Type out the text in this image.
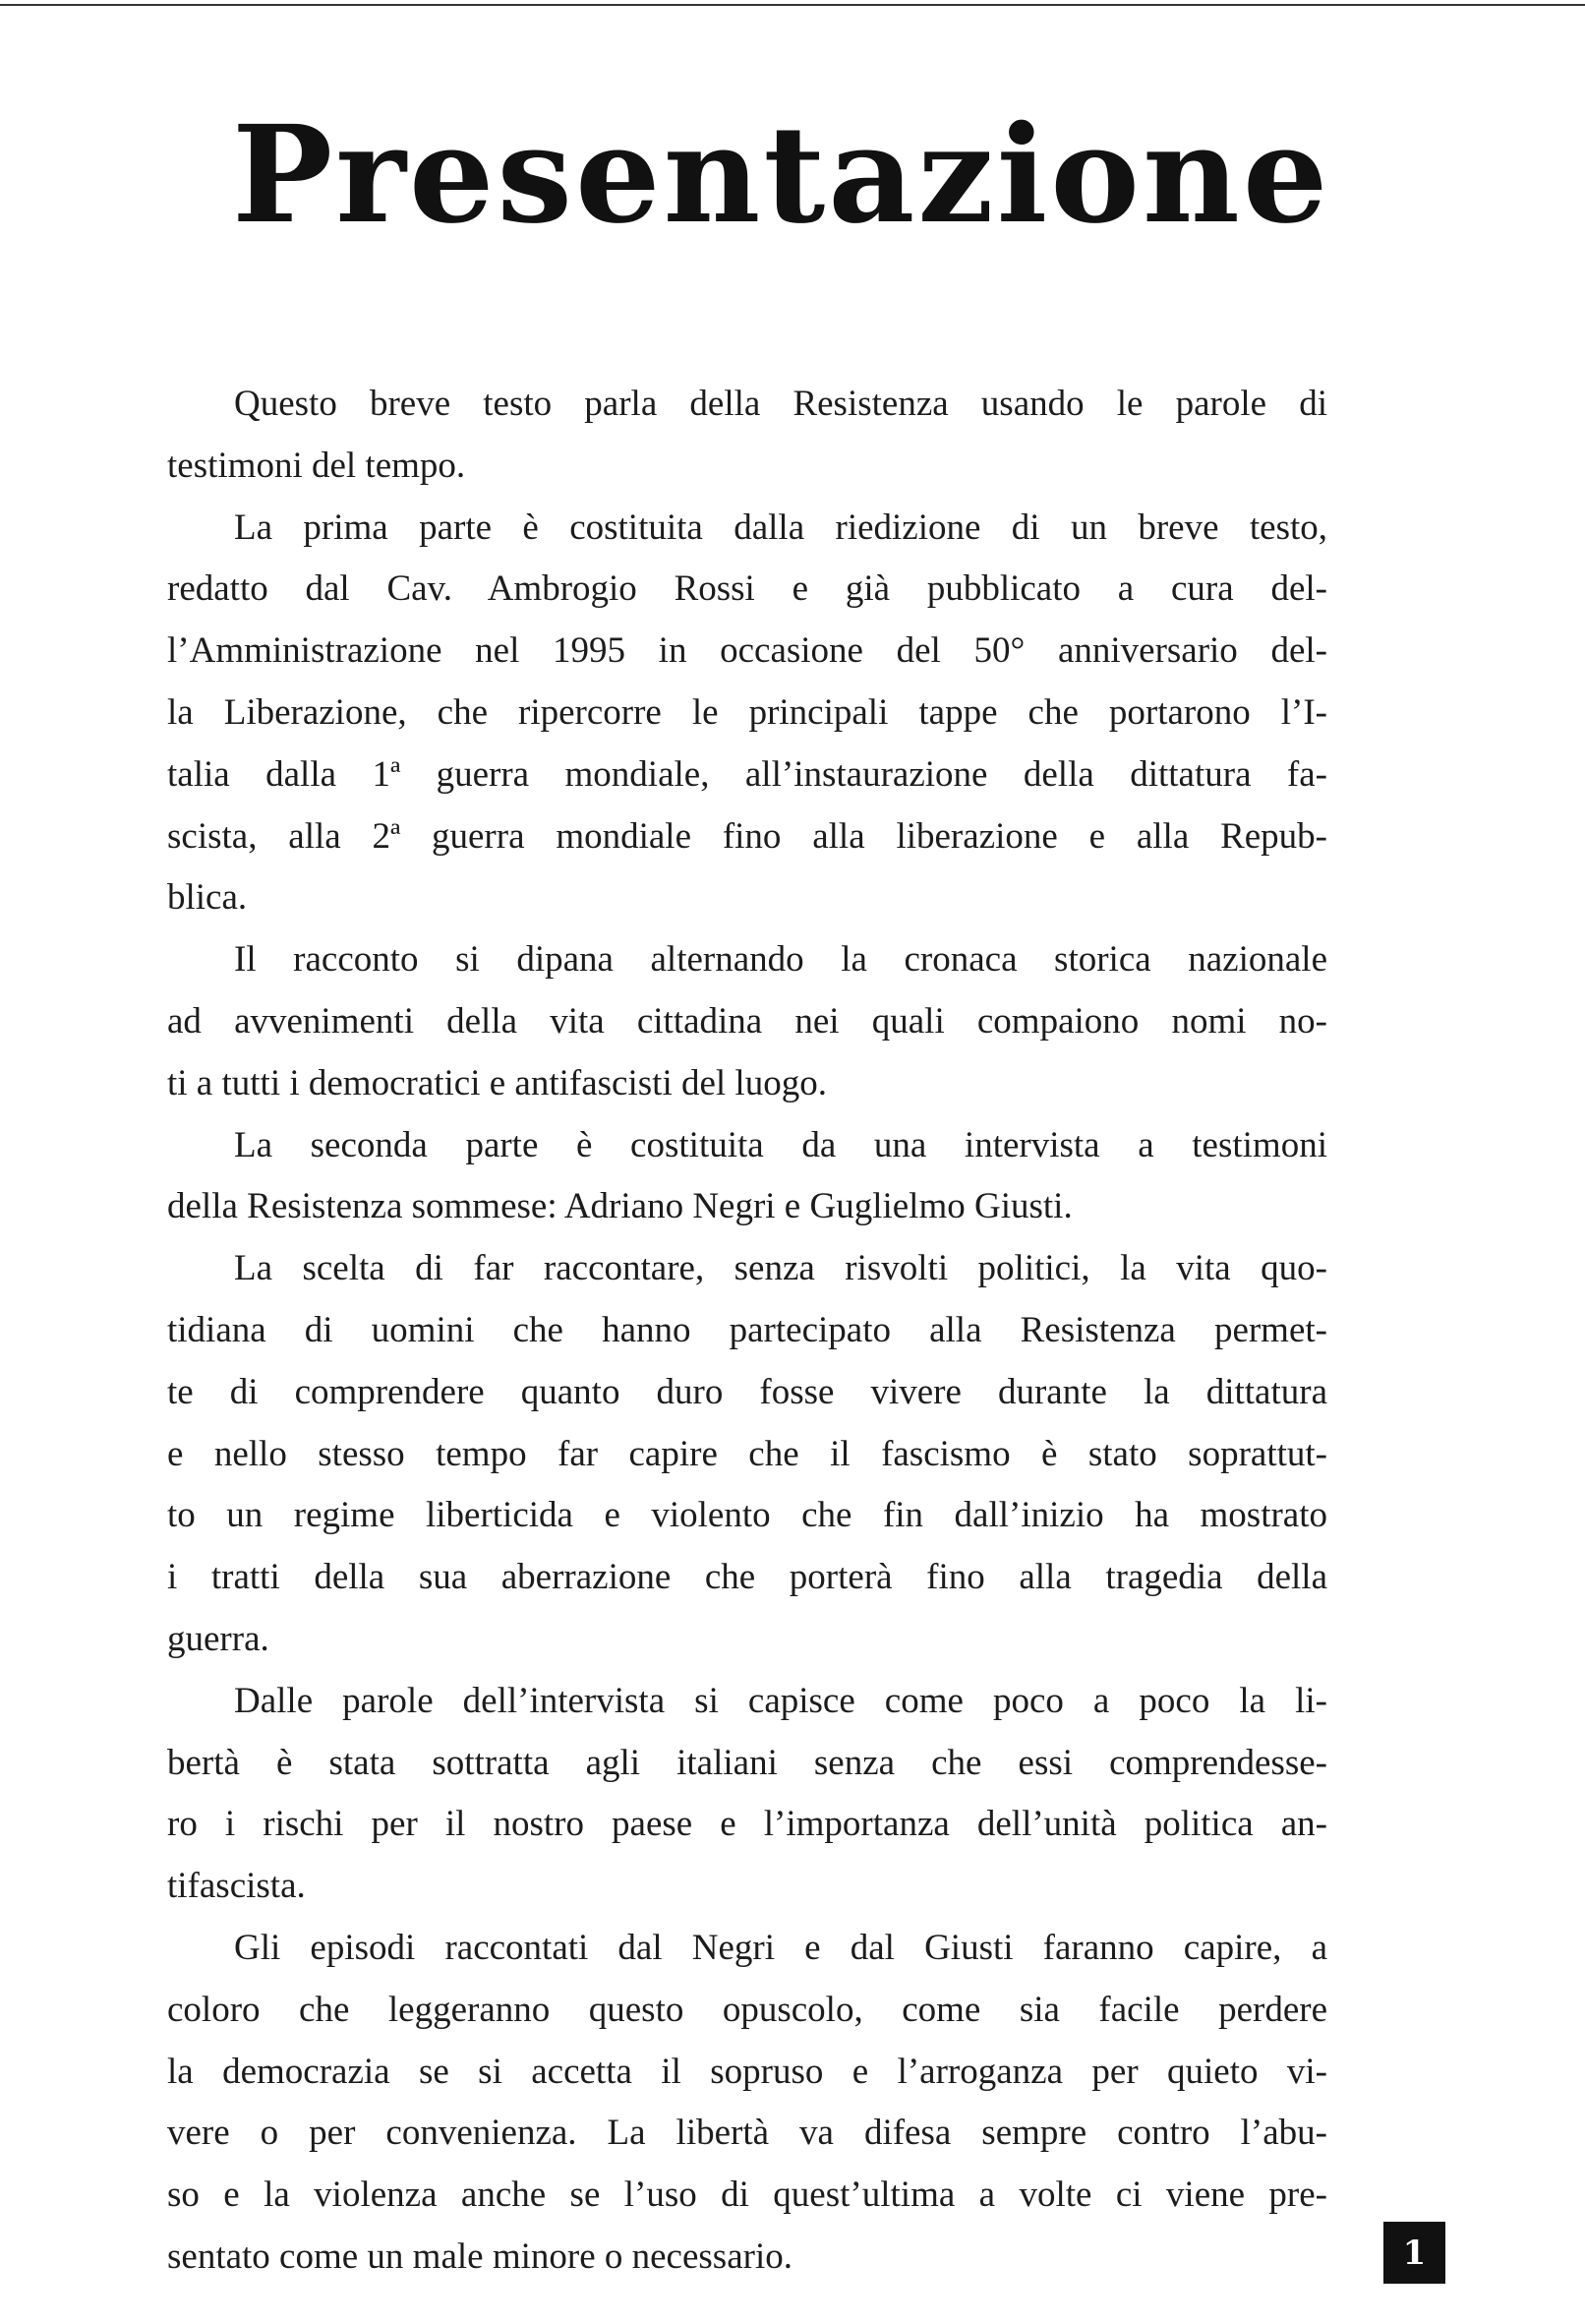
Presentazione
Questo breve testo parla della Resistenza usando le parole di
testimoni del tempo.
La prima parte è costituita dalla riedizione di un breve testo,
redatto dal Cav. Ambrogio Rossi e già pubblicato a cura del-
l’Amministrazione nel 1995 in occasione del 50° anniversario del-
la Liberazione, che ripercorre le principali tappe che portarono l’I-
talia dalla 1ª guerra mondiale, all’instaurazione della dittatura fa-
scista, alla 2ª guerra mondiale fino alla liberazione e alla Repub-
blica.
Il racconto si dipana alternando la cronaca storica nazionale
ad avvenimenti della vita cittadina nei quali compaiono nomi no-
ti a tutti i democratici e antifascisti del luogo.
La seconda parte è costituita da una intervista a testimoni
della Resistenza sommese: Adriano Negri e Guglielmo Giusti.
La scelta di far raccontare, senza risvolti politici, la vita quo-
tidiana di uomini che hanno partecipato alla Resistenza permet-
te di comprendere quanto duro fosse vivere durante la dittatura
e nello stesso tempo far capire che il fascismo è stato soprattut-
to un regime liberticida e violento che fin dall’inizio ha mostrato
i tratti della sua aberrazione che porterà fino alla tragedia della
guerra.
Dalle parole dell’intervista si capisce come poco a poco la li-
bertà è stata sottratta agli italiani senza che essi comprendesse-
ro i rischi per il nostro paese e l’importanza dell’unità politica an-
tifascista.
Gli episodi raccontati dal Negri e dal Giusti faranno capire, a
coloro che leggeranno questo opuscolo, come sia facile perdere
la democrazia se si accetta il sopruso e l’arroganza per quieto vi-
vere o per convenienza. La libertà va difesa sempre contro l’abu-
so e la violenza anche se l’uso di quest’ultima a volte ci viene pre-
sentato come un male minore o necessario.	1
